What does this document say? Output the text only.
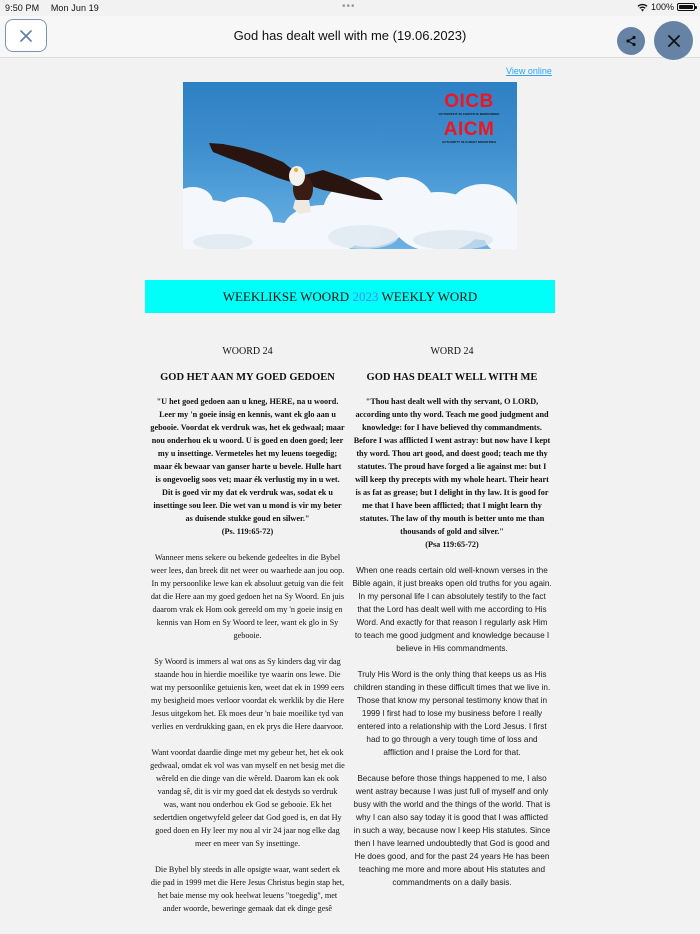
9:50 PM Mon Jun 19	•••	100%
God has dealt well with me (19.06.2023)
View online
OICB
OUTORITEIT IN CHRISTUS BEDIENINGE
AICM
AUTHORITY IN CHRIST MINISTRIES
WEEKLIKSE WOORD 2023 WEEKLY WORD
WOORD 24
GOD HET AAN MY GOED GEDOEN
"U het goed gedoen aan u kneg, HERE, na u woord. Leer my 'n goeie insig en kennis, want ek glo aan u gebooie. Voordat ek verdruk was, het ek gedwaal; maar nou onderhou ek u woord. U is goed en doen goed; leer my u insettinge. Vermeteles het my leuens toegedig; maar ék bewaar van ganser harte u bevele. Hulle hart is ongevoelig soos vet; maar ék verlustig my in u wet. Dit is goed vir my dat ek verdruk was, sodat ek u insettinge sou leer. Die wet van u mond is vir my beter as duisende stukke goud en silwer."
(Ps. 119:65-72)

Wanneer mens sekere ou bekende gedeeltes in die Bybel weer lees, dan breek dit net weer ou waarhede aan jou oop. In my persoonlike lewe kan ek absoluut getuig van die feit dat die Here aan my goed gedoen het na Sy Woord. En juis daarom vrak ek Hom ook gereeld om my 'n goeie insig en kennis van Hom en Sy Woord te leer, want ek glo in Sy gebooie.

Sy Woord is immers al wat ons as Sy kinders dag vir dag staande hou in hierdie moeilike tye waarin ons lewe. Die wat my persoonlike getuienis ken, weet dat ek in 1999 eers my besigheid moes verloor voordat ek werklik by die Here Jesus uitgekom het. Ek moes deur 'n baie moeilike tyd van verlies en verdrukking gaan, en ek prys die Here daarvoor.

Want voordat daardie dinge met my gebeur het, het ek ook gedwaal, omdat ek vol was van myself en net besig met die wêreld en die dinge van die wêreld. Daarom kan ek ook vandag sê, dit is vir my goed dat ek destyds so verdruk was, want nou onderhou ek God se gebooie. Ek het sedertdien ongetwyfeld geleer dat God goed is, en dat Hy goed doen en Hy leer my nou al vir 24 jaar nog elke dag meer en meer van Sy insettinge.

Die Bybel bly steeds in alle opsigte waar, want sedert ek die pad in 1999 met die Here Jesus Christus begin stap het, het baie mense my ook heelwat leuens "toegedig", met ander woorde, beweringe gemaak dat ek dinge gesê

WORD 24
GOD HAS DEALT WELL WITH ME
"Thou hast dealt well with thy servant, O LORD, according unto thy word. Teach me good judgment and knowledge: for I have believed thy commandments. Before I was afflicted I went astray: but now have I kept thy word. Thou art good, and doest good; teach me thy statutes. The proud have forged a lie against me: but I will keep thy precepts with my whole heart. Their heart is as fat as grease; but I delight in thy law. It is good for me that I have been afflicted; that I might learn thy statutes. The law of thy mouth is better unto me than thousands of gold and silver."
(Psa 119:65-72)

When one reads certain old well-known verses in the Bible again, it just breaks open old truths for you again. In my personal life I can absolutely testify to the fact that the Lord has dealt well with me according to His Word. And exactly for that reason I regularly ask Him to teach me good judgment and knowledge because I believe in His commandments.

Truly His Word is the only thing that keeps us as His children standing in these difficult times that we live in. Those that know my personal testimony know that in 1999 I first had to lose my business before I really entered into a relationship with the Lord Jesus. I first had to go through a very tough time of loss and affliction and I praise the Lord for that.

Because before those things happened to me, I also went astray because I was just full of myself and only busy with the world and the things of the world. That is why I can also say today it is good that I was afflicted in such a way, because now I keep His statutes. Since then I have learned undoubtedly that God is good and He does good, and for the past 24 years He has been teaching me more and more about His statutes and commandments on a daily basis.
